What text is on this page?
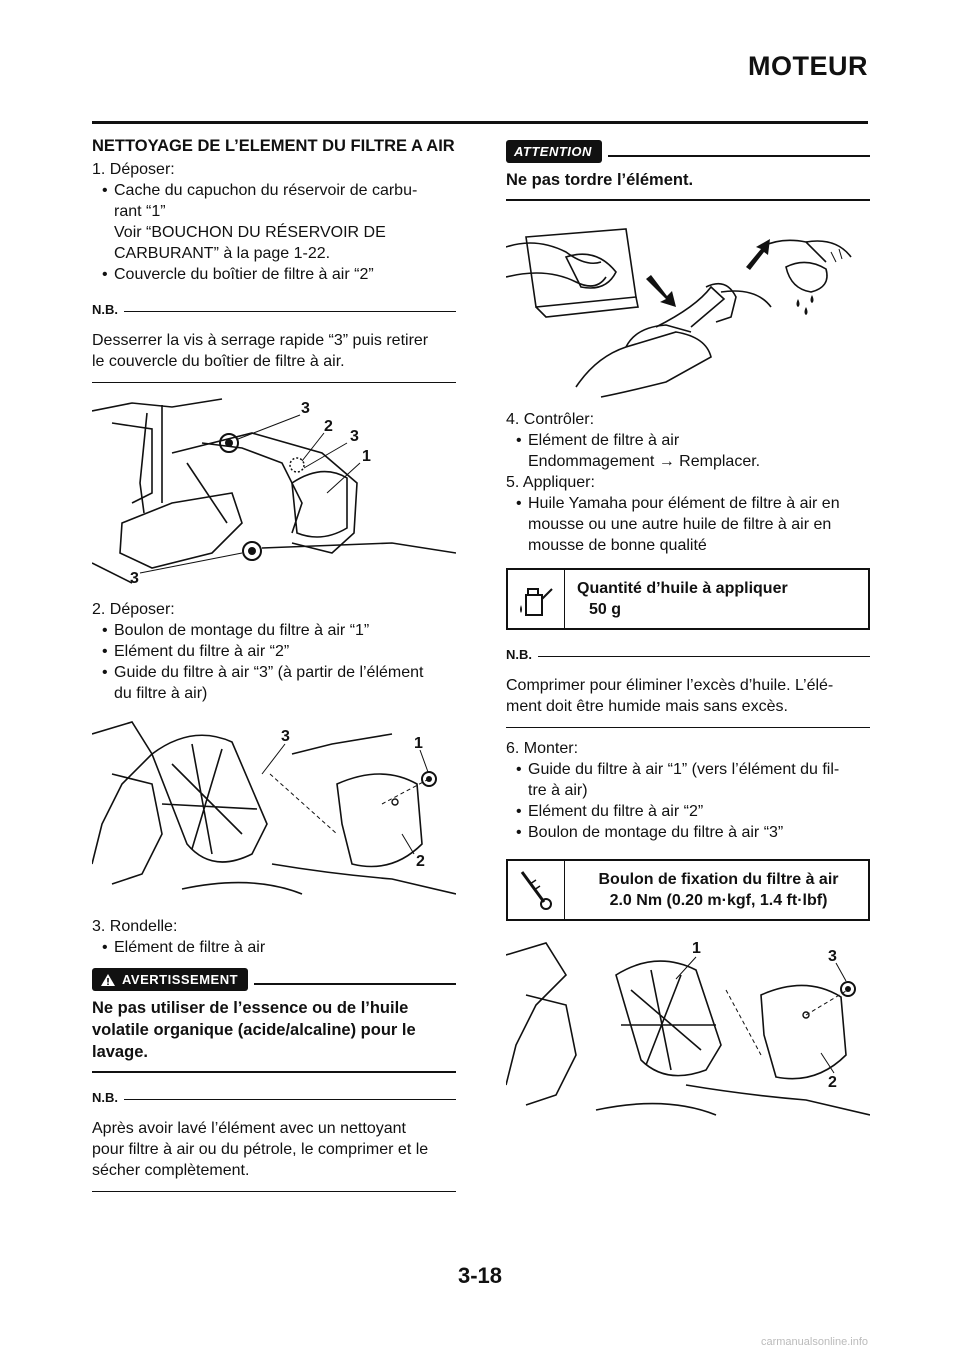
MOTEUR

NETTOYAGE DE L’ELEMENT DU FILTRE A AIR

1. Déposer:

• Cache du capuchon du réservoir de carbu-
rant “1”
Voir “BOUCHON DU RÉSERVOIR DE
CARBURANT” à la page 1-22.
• Couvercle du boîtier de filtre à air “2”
N.B.

Desserrer la vis à serrage rapide “3” puis retirer
le couvercle du boîtier de filtre à air.

3
2
3
1
3

2. Déposer:

• Boulon de montage du filtre à air “1”
• Elément du filtre à air “2”
• Guide du filtre à air “3” (à partir de l’élément
du filtre à air)
3	1
2

3. Rondelle:

• Elément de filtre à air
AVERTISSEMENT

Ne pas utiliser de l’essence ou de l’huile
volatile organique (acide/alcaline) pour le
lavage.

N.B.

Après avoir lavé l’élément avec un nettoyant
pour filtre à air ou du pétrole, le comprimer et le
sécher complètement.

ATTENTION

Ne pas tordre l’élément.

4. Contrôler:

• Elément de filtre à air
Endommagement → Remplacer.

5. Appliquer:

• Huile Yamaha pour élément de filtre à air en
mousse ou une autre huile de filtre à air en
mousse de bonne qualité
Quantité d’huile à appliquer
50 g
N.B.

Comprimer pour éliminer l’excès d’huile. L’élé-
ment doit être humide mais sans excès.

6. Monter:

• Guide du filtre à air “1” (vers l’élément du fil-
tre à air)
• Elément du filtre à air “2”
• Boulon de montage du filtre à air “3”
Boulon de fixation du filtre à air
2.0 Nm (0.20 m·kgf, 1.4 ft·lbf)
1	3
2
3-18
carmanualsonline.info
